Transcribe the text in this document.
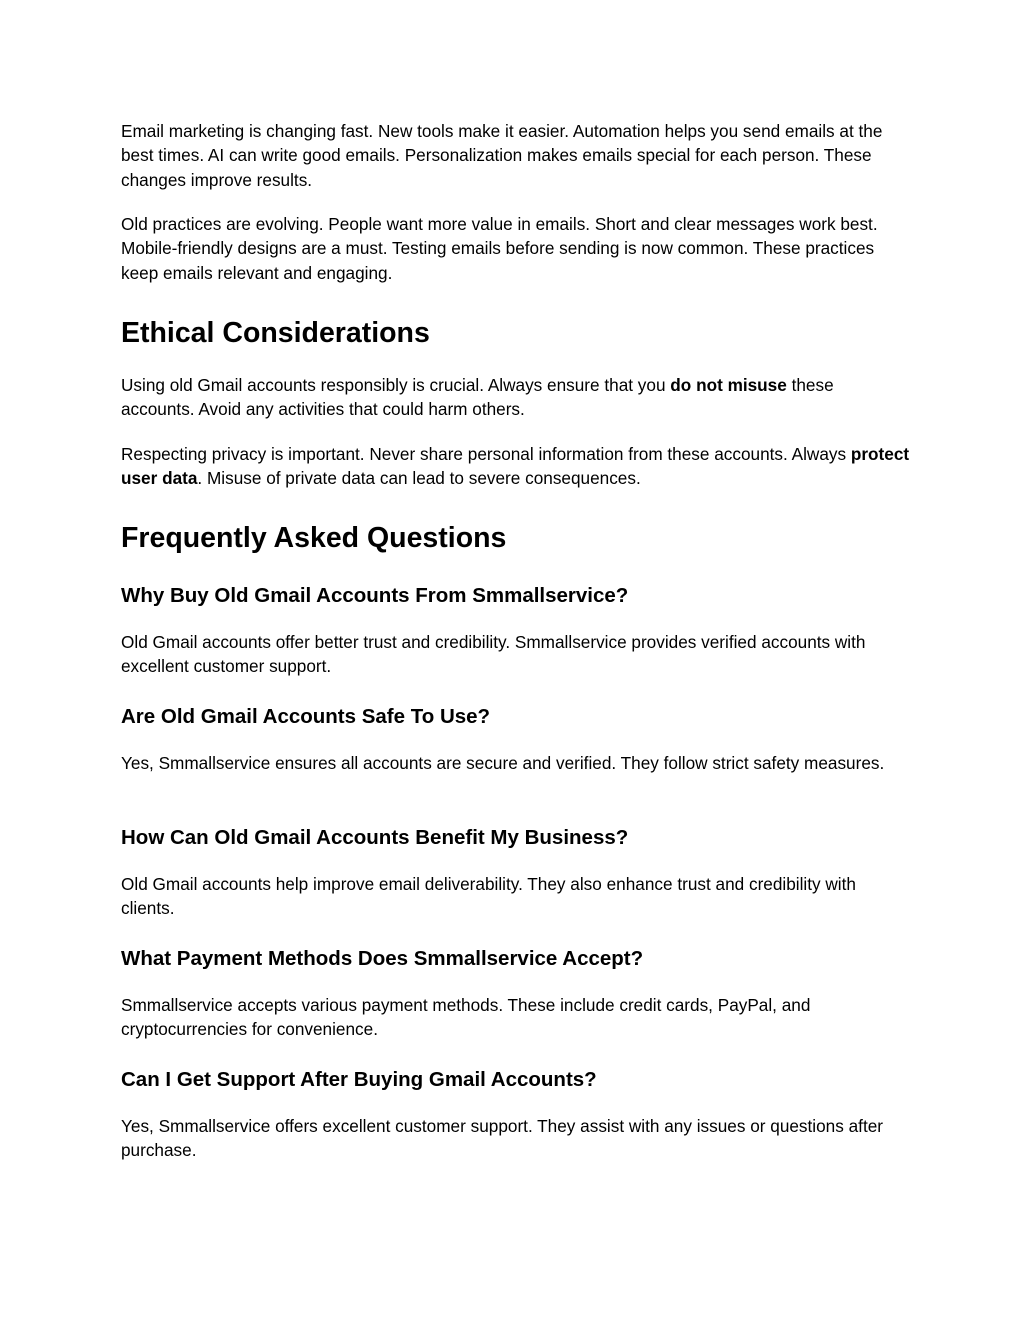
Email marketing is changing fast. New tools make it easier. Automation helps you send emails at the best times. AI can write good emails. Personalization makes emails special for each person. These changes improve results.

Old practices are evolving. People want more value in emails. Short and clear messages work best. Mobile-friendly designs are a must. Testing emails before sending is now common. These practices keep emails relevant and engaging.

Ethical Considerations

Using old Gmail accounts responsibly is crucial. Always ensure that you do not misuse these accounts. Avoid any activities that could harm others.

Respecting privacy is important. Never share personal information from these accounts. Always protect user data. Misuse of private data can lead to severe consequences.

Frequently Asked Questions
Why Buy Old Gmail Accounts From Smmallservice?

Old Gmail accounts offer better trust and credibility. Smmallservice provides verified accounts with excellent customer support.

Are Old Gmail Accounts Safe To Use?

Yes, Smmallservice ensures all accounts are secure and verified. They follow strict safety measures.

How Can Old Gmail Accounts Benefit My Business?

Old Gmail accounts help improve email deliverability. They also enhance trust and credibility with clients.

What Payment Methods Does Smmallservice Accept?

Smmallservice accepts various payment methods. These include credit cards, PayPal, and cryptocurrencies for convenience.

Can I Get Support After Buying Gmail Accounts?

Yes, Smmallservice offers excellent customer support. They assist with any issues or questions after purchase.
